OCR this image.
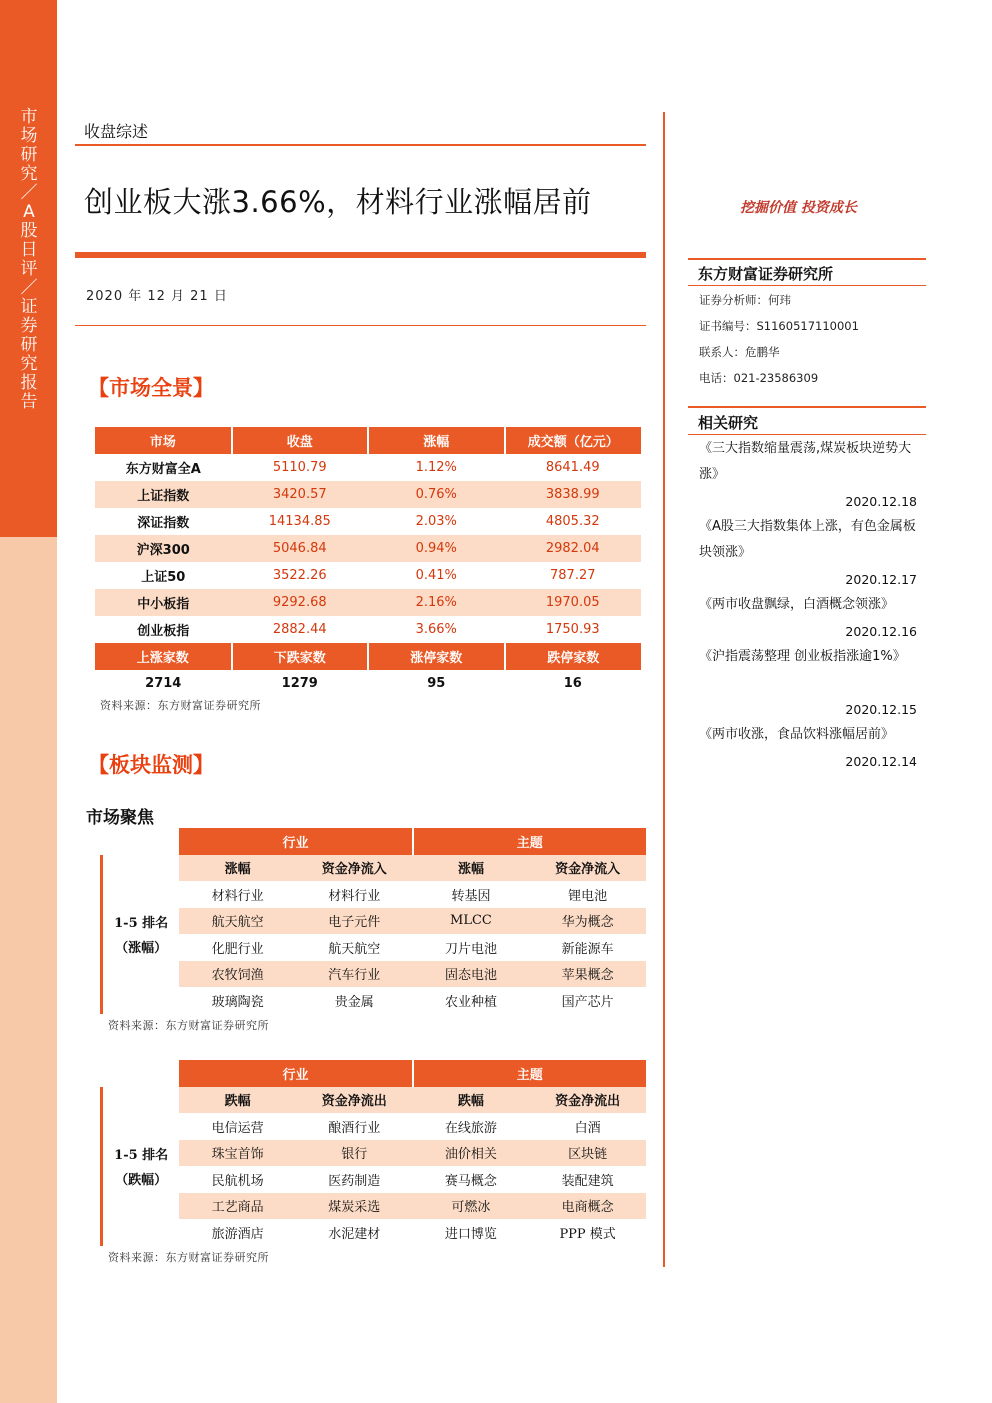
市场研究／A股日评／证券研究报告
收盘综述
创业板大涨3.66%，材料行业涨幅居前
2020 年 12 月 21 日
【市场全景】
市场	收盘	涨幅	成交额（亿元）
东方财富全A	5110.79	1.12%	8641.49
上证指数	3420.57	0.76%	3838.99
深证指数	14134.85	2.03%	4805.32
沪深300	5046.84	0.94%	2982.04
上证50	3522.26	0.41%	787.27
中小板指	9292.68	2.16%	1970.05
创业板指	2882.44	3.66%	1750.93
上涨家数	下跌家数	涨停家数	跌停家数
2714	1279	95	16
资料来源：东方财富证券研究所
【板块监测】
市场聚焦
	行业		主题	

1-5 排名
（涨幅）	涨幅	资金净流入	涨幅	资金净流入
	材料行业	材料行业	转基因	锂电池
	航天航空	电子元件	MLCC	华为概念
	化肥行业	航天航空	刀片电池	新能源车
	农牧饲渔	汽车行业	固态电池	苹果概念
	玻璃陶瓷	贵金属	农业种植	国产芯片
资料来源：东方财富证券研究所
	行业		主题	

1-5 排名
（跌幅）	跌幅	资金净流出	跌幅	资金净流出
	电信运营	酿酒行业	在线旅游	白酒
	珠宝首饰	银行	油价相关	区块链
	民航机场	医药制造	赛马概念	装配建筑
	工艺商品	煤炭采选	可燃冰	电商概念
	旅游酒店	水泥建材	进口博览	PPP 模式
资料来源：东方财富证券研究所
挖掘价值 投资成长
东方财富证券研究所
证券分析师：何玮
证书编号：S1160517110001
联系人：危鹏华
电话：021-23586309
相关研究
《三大指数缩量震荡,煤炭板块逆势大涨》
2020.12.18
《A股三大指数集体上涨，有色金属板块领涨》
2020.12.17
《两市收盘飘绿，白酒概念领涨》
2020.12.16
《沪指震荡整理 创业板指涨逾1%》
2020.12.15
《两市收涨，食品饮料涨幅居前》
2020.12.14
